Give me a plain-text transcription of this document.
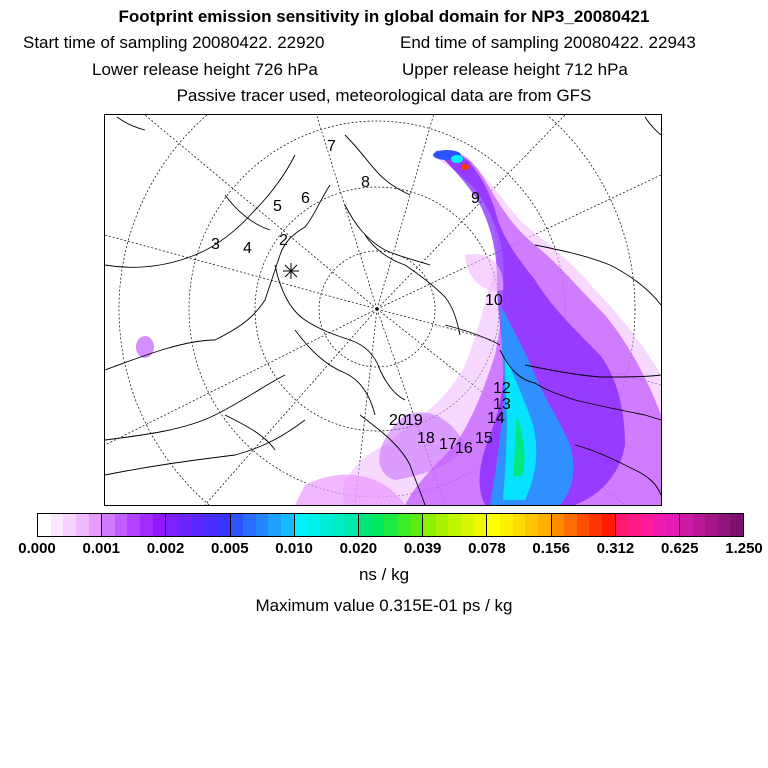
Footprint emission sensitivity in global domain for NP3_20080421
Start time of sampling 20080422. 22920	End time of sampling 20080422. 22943
Lower release height 726 hPa	Upper release height 712 hPa
Passive tracer used, meteorological data are from GFS
2
3 4
5 6
7
8
9
10
12
13
14
15
16
17
18
19
20
0.000 0.001 0.002 0.005 0.010 0.020 0.039 0.078 0.156 0.312 0.625 1.250
ns / kg
Maximum value 0.315E-01 ps / kg
